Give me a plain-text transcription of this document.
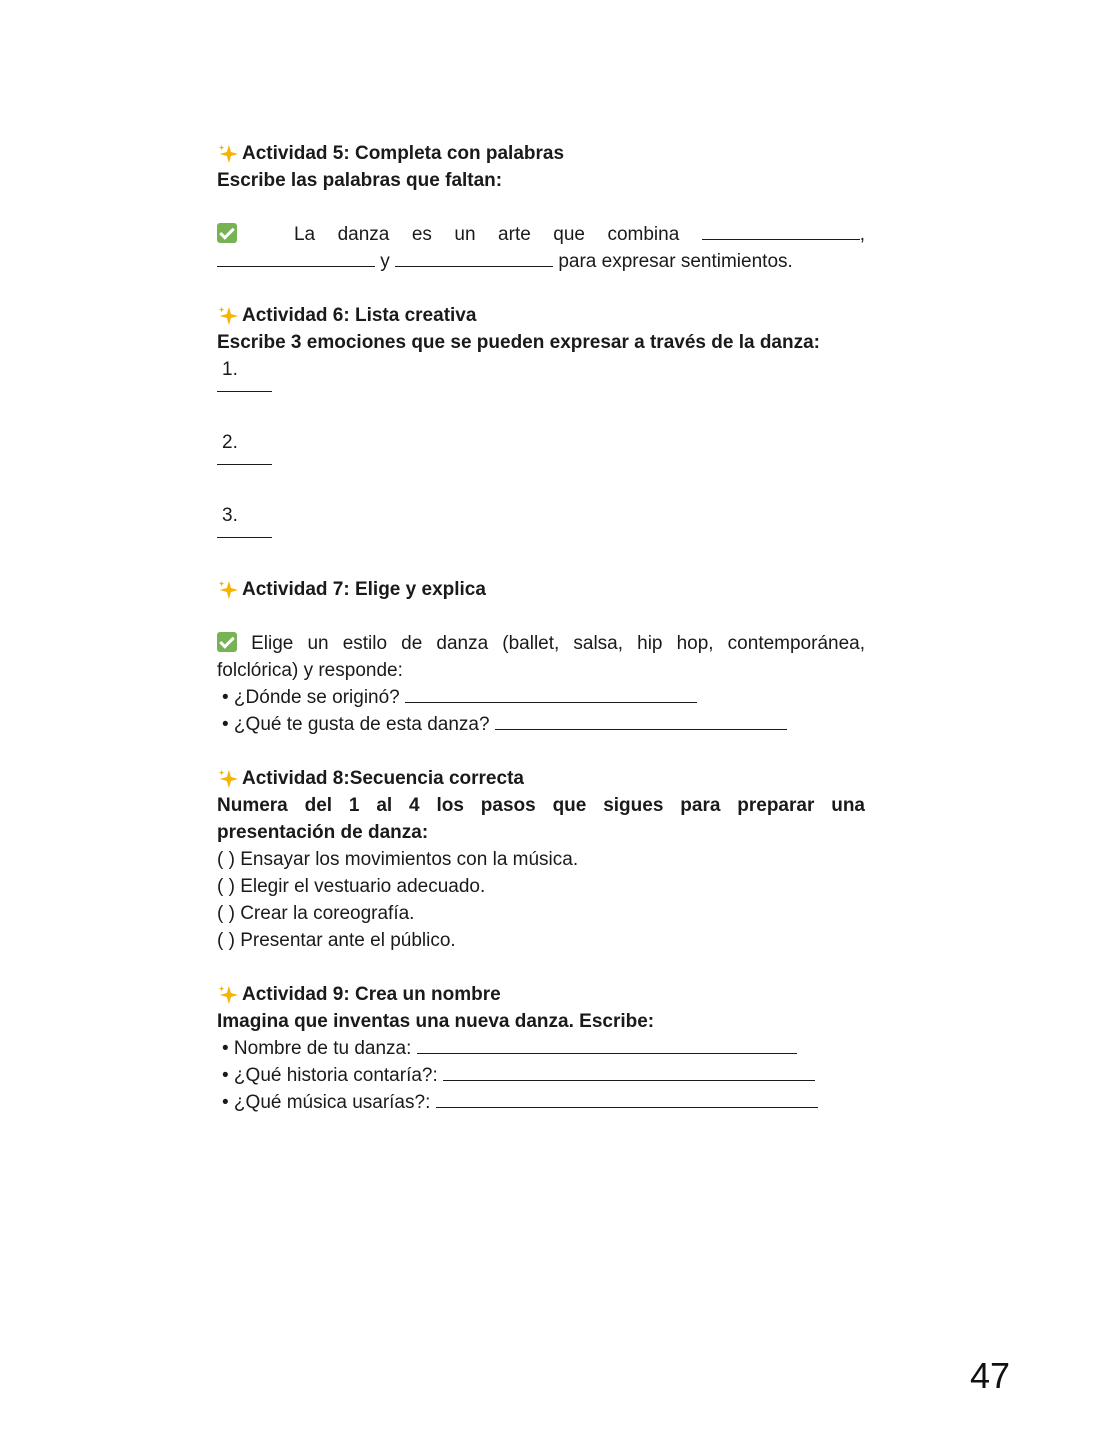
Actividad 5: Completa con palabras
Escribe las palabras que faltan:
La danza es un arte que combina	,
y	para expresar sentimientos.
Actividad 6: Lista creativa
Escribe 3 emociones que se pueden expresar a través de la danza:
1.
2.
3.
Actividad 7: Elige y explica
Elige un estilo de danza (ballet, salsa, hip hop, contemporánea,
folclórica) y responde:
• ¿Dónde se originó?
• ¿Qué te gusta de esta danza?
Actividad 8:Secuencia correcta
Numera del 1 al 4 los pasos que sigues para preparar una
presentación de danza:
( ) Ensayar los movimientos con la música.
( ) Elegir el vestuario adecuado.
( ) Crear la coreografía.
( ) Presentar ante el público.
Actividad 9: Crea un nombre
Imagina que inventas una nueva danza. Escribe:
• Nombre de tu danza:
• ¿Qué historia contaría?:
• ¿Qué música usarías?:
47
